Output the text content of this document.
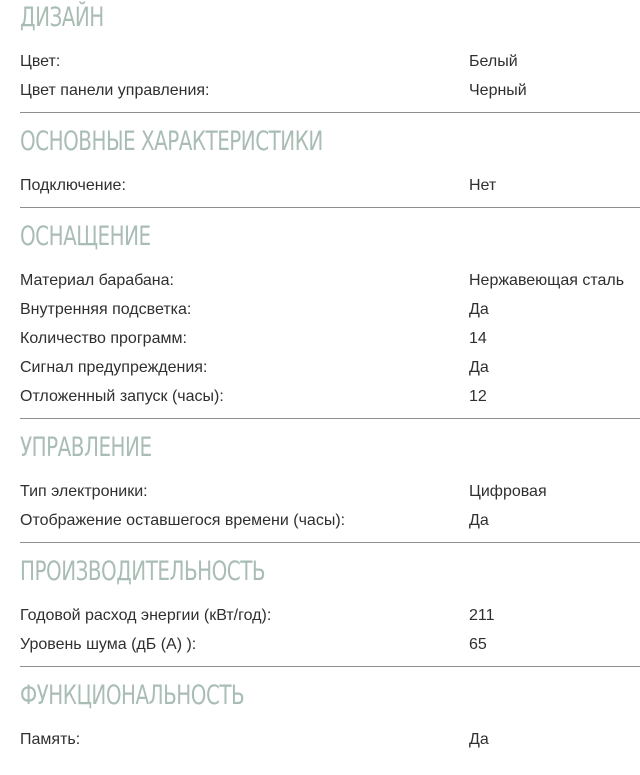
ДИЗАЙН
Цвет:	Белый
Цвет панели управления:	Черный
ОСНОВНЫЕ ХАРАКТЕРИСТИКИ
Подключение:	Нет
ОСНАЩЕНИЕ
Материал барабана:	Нержавеющая сталь
Внутренняя подсветка:	Да
Количество программ:	14
Сигнал предупреждения:	Да
Отложенный запуск (часы):	12
УПРАВЛЕНИЕ
Тип электроники:	Цифровая
Отображение оставшегося времени (часы):	Да
ПРОИЗВОДИТЕЛЬНОСТЬ
Годовой расход энергии (кВт/год):	211
Уровень шума (дБ (А) ):	65
ФУНКЦИОНАЛЬНОСТЬ
Память:	Да
